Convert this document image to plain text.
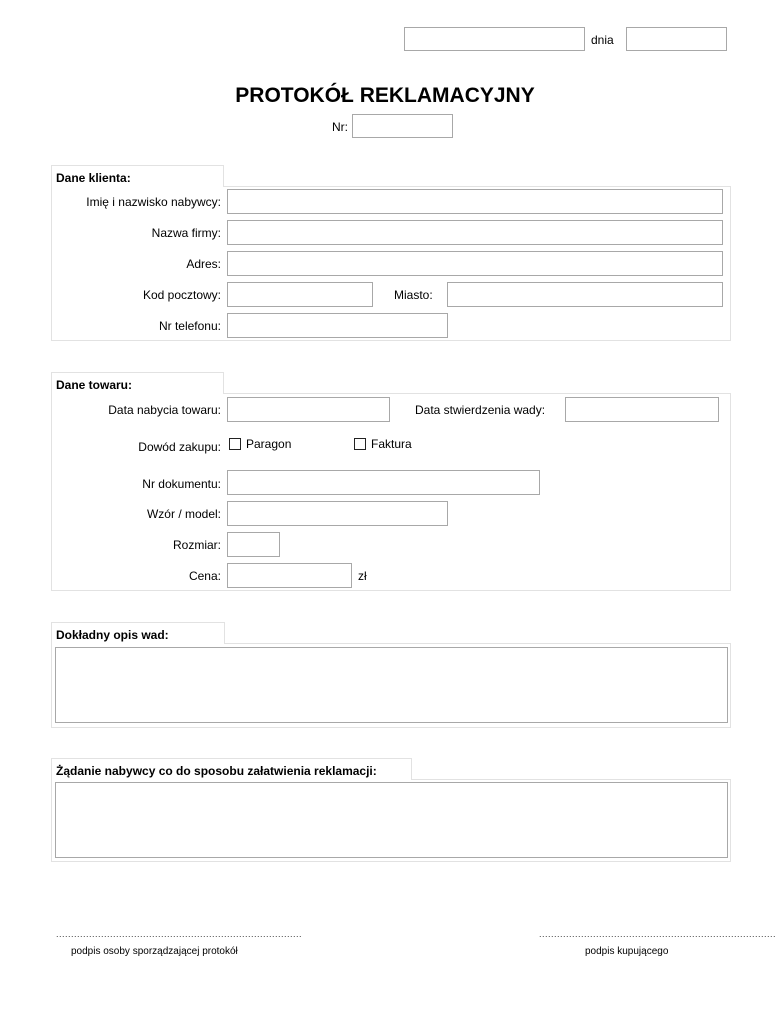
dnia
PROTOKÓŁ REKLAMACYJNY
Nr:
Dane klienta:
Imię i nazwisko nabywcy:
Nazwa firmy:
Adres:
Kod pocztowy:	Miasto:
Nr telefonu:
Dane towaru:
Data nabycia towaru:	Data stwierdzenia wady:
Dowód zakupu: Paragon	Faktura
Nr dokumentu:
Wzór / model:
Rozmiar:
Cena:	zł
Dokładny opis wad:
Żądanie nabywcy co do sposobu załatwienia reklamacji:
..................................................................................
podpis osoby sporządzającej protokół
...............................................................................
podpis kupującego
